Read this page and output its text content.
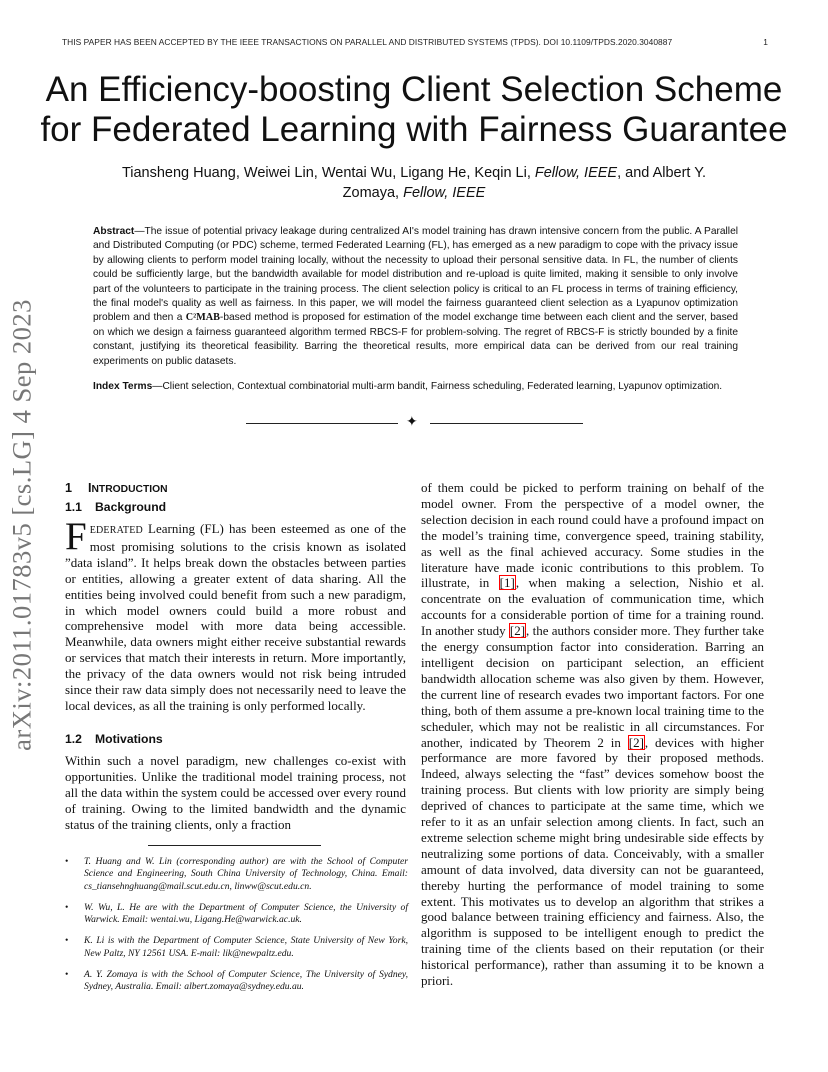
THIS PAPER HAS BEEN ACCEPTED BY THE IEEE TRANSACTIONS ON PARALLEL AND DISTRIBUTED SYSTEMS (TPDS). DOI 10.1109/TPDS.2020.3040887	1
arXiv:2011.01783v5 [cs.LG] 4 Sep 2023
An Efficiency-boosting Client Selection Scheme
for Federated Learning with Fairness Guarantee
Tiansheng Huang, Weiwei Lin, Wentai Wu, Ligang He, Keqin Li, Fellow, IEEE, and Albert Y.
Zomaya, Fellow, IEEE
Abstract—The issue of potential privacy leakage during centralized AI's model training has drawn intensive concern from the public. A Parallel and Distributed Computing (or PDC) scheme, termed Federated Learning (FL), has emerged as a new paradigm to cope with the privacy issue by allowing clients to perform model training locally, without the necessity to upload their personal sensitive data. In FL, the number of clients could be sufficiently large, but the bandwidth available for model distribution and re-upload is quite limited, making it sensible to only involve part of the volunteers to participate in the training process. The client selection policy is critical to an FL process in terms of training efficiency, the final model's quality as well as fairness. In this paper, we will model the fairness guaranteed client selection as a Lyapunov optimization problem and then a C²MAB-based method is proposed for estimation of the model exchange time between each client and the server, based on which we design a fairness guaranteed algorithm termed RBCS-F for problem-solving. The regret of RBCS-F is strictly bounded by a finite constant, justifying its theoretical feasibility. Barring the theoretical results, more empirical data can be derived from our real training experiments on public datasets.
Index Terms—Client selection, Contextual combinatorial multi-arm bandit, Fairness scheduling, Federated learning, Lyapunov optimization.
✦
1 INTRODUCTION
1.1 Background
FEDERATED Learning (FL) has been esteemed as one of the most promising solutions to the crisis known as isolated ”data island”. It helps break down the obstacles between parties or entities, allowing a greater extent of data sharing. All the entities being involved could benefit from such a new paradigm, in which model owners could build a more robust and comprehensive model with more data being accessible. Meanwhile, data owners might either receive substantial rewards or services that match their interests in return. More importantly, the privacy of the data owners would not risk being intruded since their raw data simply does not necessarily need to leave the local devices, as all the training is only performed locally.
1.2 Motivations
Within such a novel paradigm, new challenges co-exist with opportunities. Unlike the traditional model training process, not all the data within the system could be accessed over every round of training. Owing to the limited bandwidth and the dynamic status of the training clients, only a fraction
of them could be picked to perform training on behalf of the model owner. From the perspective of a model owner, the selection decision in each round could have a profound impact on the model’s training time, convergence speed, training stability, as well as the final achieved accuracy. Some studies in the literature have made iconic contributions to this problem. To illustrate, in [1], when making a selection, Nishio et al. concentrate on the evaluation of communication time, which accounts for a considerable portion of time for a training round. In another study [2], the authors consider more. They further take the energy consumption factor into consideration. Barring an intelligent decision on participant selection, an efficient bandwidth allocation scheme was also given by them. However, the current line of research evades two important factors. For one thing, both of them assume a pre-known local training time to the scheduler, which may not be realistic in all circumstances. For another, indicated by Theorem 2 in [2], devices with higher performance are more favored by their proposed methods. Indeed, always selecting the “fast” devices somehow boost the training process. But clients with low priority are simply being deprived of chances to participate at the same time, which we refer to it as an unfair selection among clients. In fact, such an extreme selection scheme might bring undesirable side effects by neutralizing some portions of data. Conceivably, with a smaller amount of data involved, data diversity can not be guaranteed, thereby hurting the performance of model training to some extent. This motivates us to develop an algorithm that strikes a good balance between training efficiency and fairness. Also, the algorithm is supposed to be intelligent enough to predict the training time of the clients based on their reputation (or their historical performance), rather than assuming it to be known a priori.
• T. Huang and W. Lin (corresponding author) are with the School of Computer Science and Engineering, South China University of Technology, China. Email: cs_tiansehnghuang@mail.scut.edu.cn, linww@scut.edu.cn.
• W. Wu, L. He are with the Department of Computer Science, the University of Warwick. Email: wentai.wu, Ligang.He@warwick.ac.uk.
• K. Li is with the Department of Computer Science, State University of New York, New Paltz, NY 12561 USA. E-mail: lik@newpaltz.edu.
• A. Y. Zomaya is with the School of Computer Science, The University of Sydney, Sydney, Australia. Email: albert.zomaya@sydney.edu.au.
